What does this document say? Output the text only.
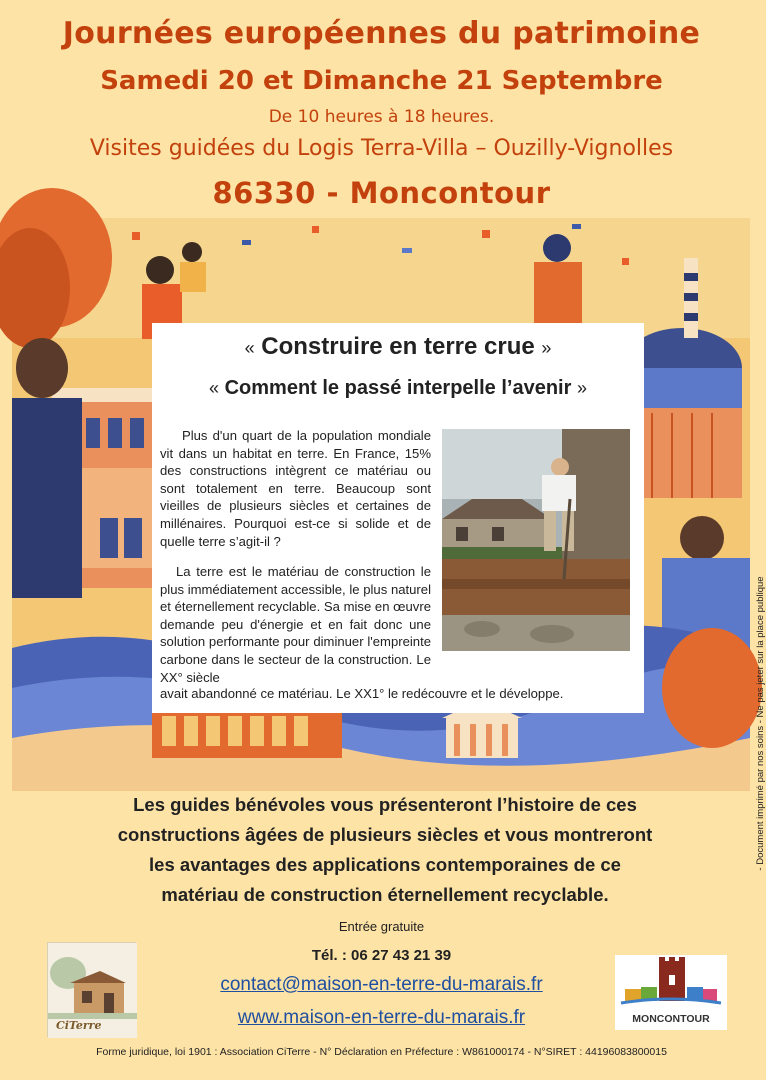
Journées européennes du patrimoine
Samedi 20 et Dimanche 21 Septembre
De 10 heures à 18 heures.
Visites guidées du Logis Terra-Villa – Ouzilly-Vignolles
86330 - Moncontour
« Construire en terre crue »
« Comment le passé interpelle l’avenir »
Plus d'un quart de la population mondiale vit dans un habitat en terre. En France, 15% des constructions intègrent ce matériau ou sont totalement en terre. Beaucoup sont vieilles de plusieurs siècles et certaines de millénaires. Pourquoi est-ce si solide et de quelle terre s’agit-il ?
La terre est le matériau de construction le plus immédiatement accessible, le plus naturel et éternellement recyclable. Sa mise en œuvre demande peu d'énergie et en fait donc une solution performante pour diminuer l'empreinte carbone dans le secteur de la construction. Le XX° siècle
avait abandonné ce matériau. Le XX1° le redécouvre et le développe.
Les guides bénévoles vous présenteront l’histoire de ces
constructions âgées de plusieurs siècles et vous montreront
les avantages des applications contemporaines de ce
matériau de construction éternellement recyclable.
Entrée gratuite
Tél. : 06 27 43 21 39
contact@maison-en-terre-du-marais.fr
www.maison-en-terre-du-marais.fr
Forme juridique, loi 1901 : Association CiTerre - N° Déclaration en Préfecture : W861000174 - N°SIRET : 44196083800015
- Document imprimé par nos soins - Ne pas jeter sur la place publique
CiTerre	MONCONTOUR
